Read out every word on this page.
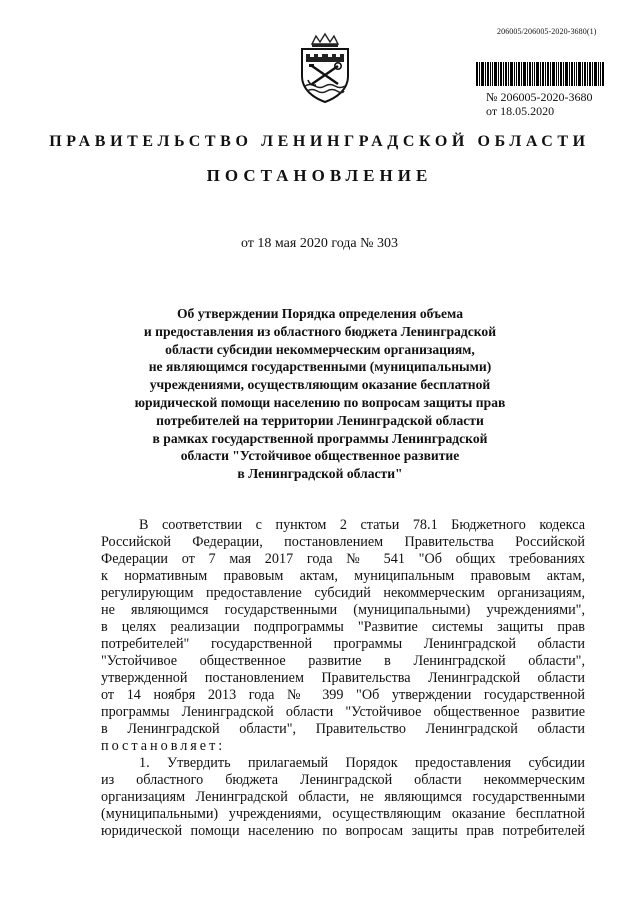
206005/206005-2020-3680(1)
№ 206005-2020-3680
от 18.05.2020
ПРАВИТЕЛЬСТВО ЛЕНИНГРАДСКОЙ ОБЛАСТИ
ПОСТАНОВЛЕНИЕ
от 18 мая 2020 года № 303
Об утверждении Порядка определения объема
и предоставления из областного бюджета Ленинградской
области субсидии некоммерческим организациям,
не являющимся государственными (муниципальными)
учреждениями, осуществляющим оказание бесплатной
юридической помощи населению по вопросам защиты прав
потребителей на территории Ленинградской области
в рамках государственной программы Ленинградской
области "Устойчивое общественное развитие
в Ленинградской области"
В соответствии с пунктом 2 статьи 78.1 Бюджетного кодекса
Российской Федерации, постановлением Правительства Российской
Федерации от 7 мая 2017 года № 541 "Об общих требованиях
к нормативным правовым актам, муниципальным правовым актам,
регулирующим предоставление субсидий некоммерческим организациям,
не являющимся государственными (муниципальными) учреждениями",
в целях реализации подпрограммы "Развитие системы защиты прав
потребителей" государственной программы Ленинградской области
"Устойчивое общественное развитие в Ленинградской области",
утвержденной постановлением Правительства Ленинградской области
от 14 ноября 2013 года № 399 "Об утверждении государственной
программы Ленинградской области "Устойчивое общественное развитие
в Ленинградской области", Правительство Ленинградской области
постановляет:
1. Утвердить прилагаемый Порядок предоставления субсидии
из областного бюджета Ленинградской области некоммерческим
организациям Ленинградской области, не являющимся государственными
(муниципальными) учреждениями, осуществляющим оказание бесплатной
юридической помощи населению по вопросам защиты прав потребителей
